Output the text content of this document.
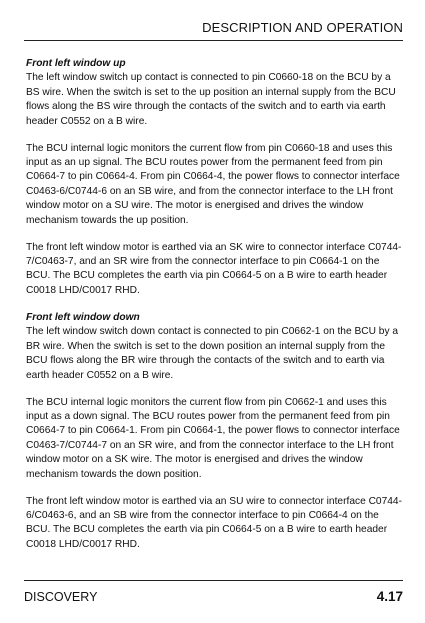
DESCRIPTION AND OPERATION
Front left window up

The left window switch up contact is connected to pin C0660-18 on the BCU by a BS wire. When the switch is set to the up position an internal supply from the BCU flows along the BS wire through the contacts of the switch and to earth via earth header C0552 on a B wire.

The BCU internal logic monitors the current flow from pin C0660-18 and uses this input as an up signal. The BCU routes power from the permanent feed from pin C0664-7 to pin C0664-4. From pin C0664-4, the power flows to connector interface C0463-6/C0744-6 on an SB wire, and from the connector interface to the LH front window motor on a SU wire. The motor is energised and drives the window mechanism towards the up position.

The front left window motor is earthed via an SK wire to connector interface C0744-7/C0463-7, and an SR wire from the connector interface to pin C0664-1 on the BCU. The BCU completes the earth via pin C0664-5 on a B wire to earth header C0018 LHD/C0017 RHD.

Front left window down

The left window switch down contact is connected to pin C0662-1 on the BCU by a BR wire. When the switch is set to the down position an internal supply from the BCU flows along the BR wire through the contacts of the switch and to earth via earth header C0552 on a B wire.

The BCU internal logic monitors the current flow from pin C0662-1 and uses this input as a down signal. The BCU routes power from the permanent feed from pin C0664-7 to pin C0664-1. From pin C0664-1, the power flows to connector interface C0463-7/C0744-7 on an SR wire, and from the connector interface to the LH front window motor on a SK wire. The motor is energised and drives the window mechanism towards the down position.

The front left window motor is earthed via an SU wire to connector interface C0744-6/C0463-6, and an SB wire from the connector interface to pin C0664-4 on the BCU. The BCU completes the earth via pin C0664-5 on a B wire to earth header C0018 LHD/C0017 RHD.

DISCOVERY	4.17
